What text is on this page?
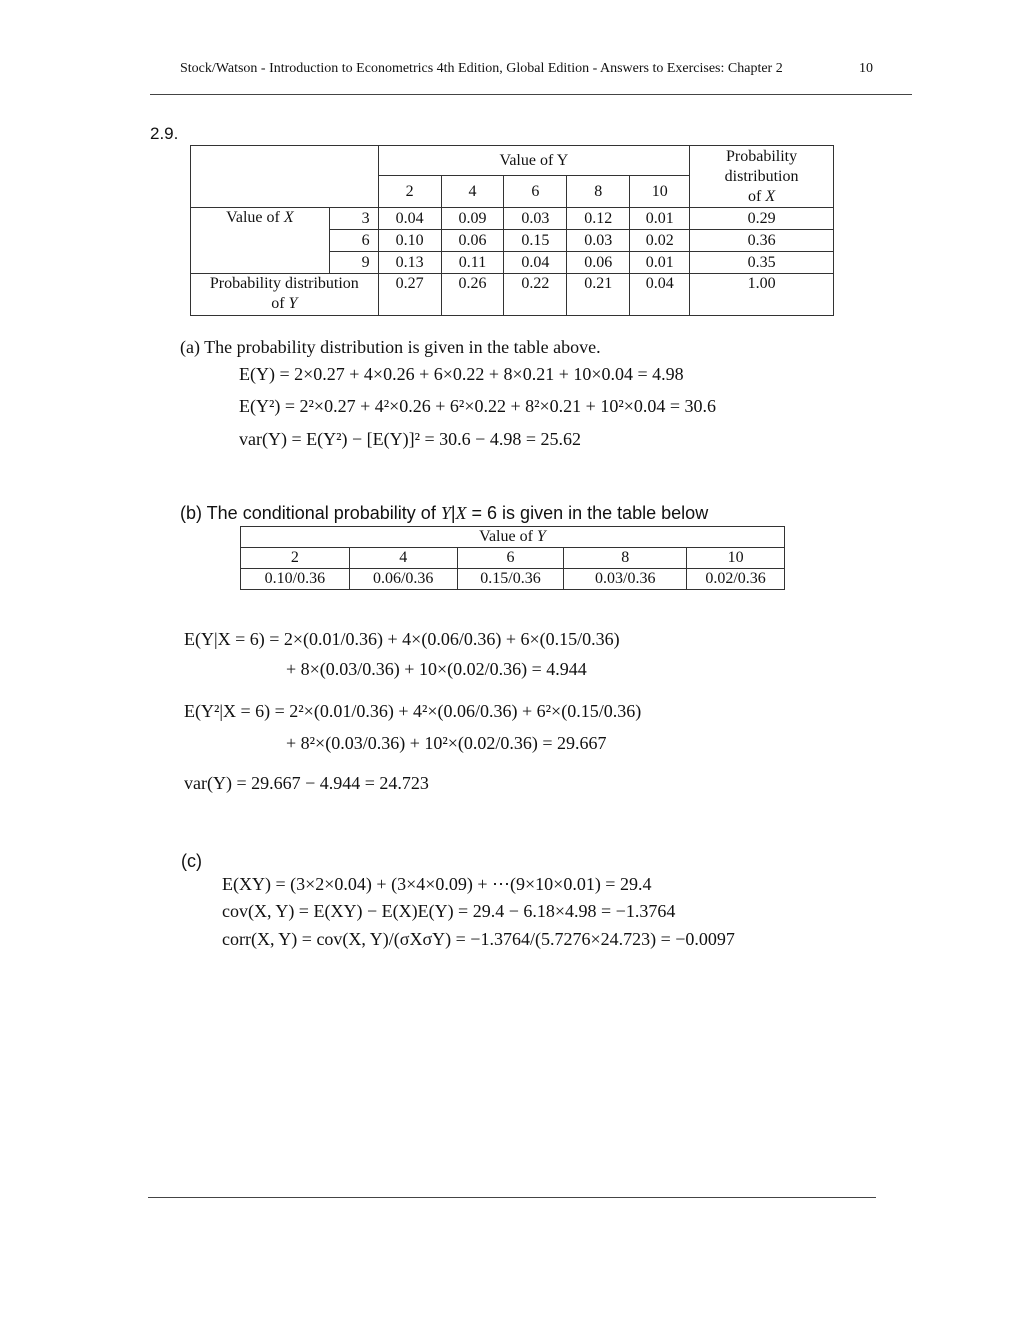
Stock/Watson - Introduction to Econometrics 4th Edition, Global Edition - Answers to Exercises: Chapter 2	10
2.9.
		Value of Y					Probability
distribution
of X
		2	4	6	8	10	
Value of X	3	0.04	0.09	0.03	0.12	0.01	0.29
	6	0.10	0.06	0.15	0.03	0.02	0.36
	9	0.13	0.11	0.04	0.06	0.01	0.35
Probability distribution
of Y		0.27	0.26	0.22	0.21	0.04	1.00
(a) The probability distribution is given in the table above.
E(Y) = 2×0.27 + 4×0.26 + 6×0.22 + 8×0.21 + 10×0.04 = 4.98
E(Y²) = 2²×0.27 + 4²×0.26 + 6²×0.22 + 8²×0.21 + 10²×0.04 = 30.6
var(Y) = E(Y²) − [E(Y)]² = 30.6 − 4.98 = 25.62
(b) The conditional probability of Y|X = 6 is given in the table below
Value of Y				
2	4	6	8	10
0.10/0.36	0.06/0.36	0.15/0.36	0.03/0.36	0.02/0.36
E(Y|X = 6) = 2×(0.01/0.36) + 4×(0.06/0.36) + 6×(0.15/0.36)
+ 8×(0.03/0.36) + 10×(0.02/0.36) = 4.944
E(Y²|X = 6) = 2²×(0.01/0.36) + 4²×(0.06/0.36) + 6²×(0.15/0.36)
+ 8²×(0.03/0.36) + 10²×(0.02/0.36) = 29.667
var(Y) = 29.667 − 4.944 = 24.723
(c)
E(XY) = (3×2×0.04) + (3×4×0.09) + ⋯(9×10×0.01) = 29.4
cov(X, Y) = E(XY) − E(X)E(Y) = 29.4 − 6.18×4.98 = −1.3764
corr(X, Y) = cov(X, Y)/(σXσY) = −1.3764/(5.7276×24.723) = −0.0097
